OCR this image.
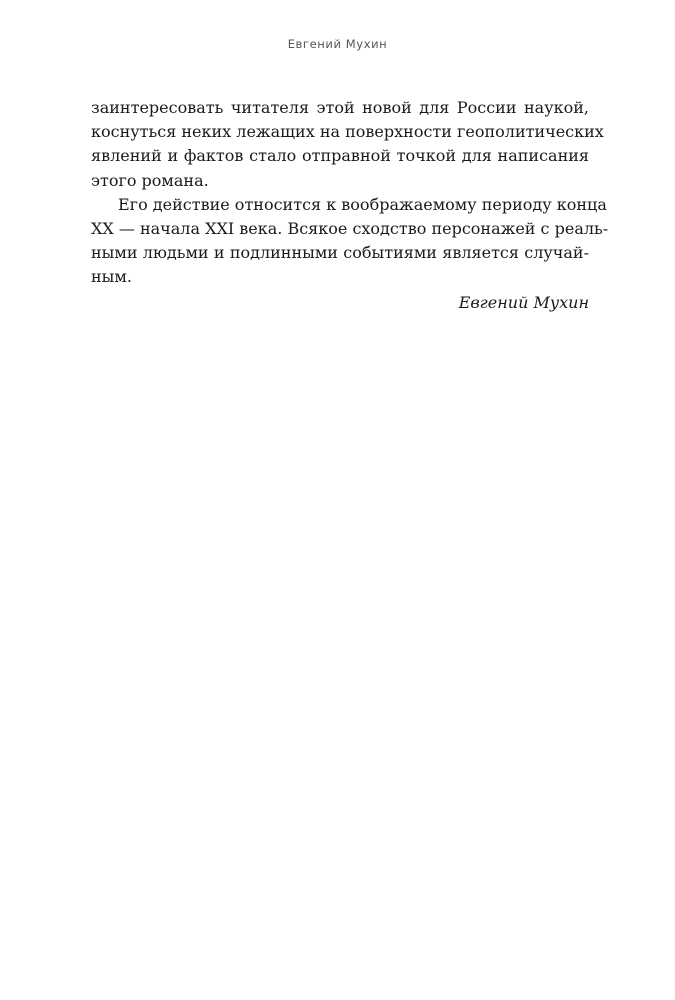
Евгений Мухин
заинтересовать читателя этой новой для России наукой,
коснуться неких лежащих на поверхности геополитических
явлений и фактов стало отправной точкой для написания
этого романа.
Его действие относится к воображаемому периоду конца
XX — начала XXI века. Всякое сходство персонажей с реаль-
ными людьми и подлинными событиями является случай-
ным.
Евгений Мухин
